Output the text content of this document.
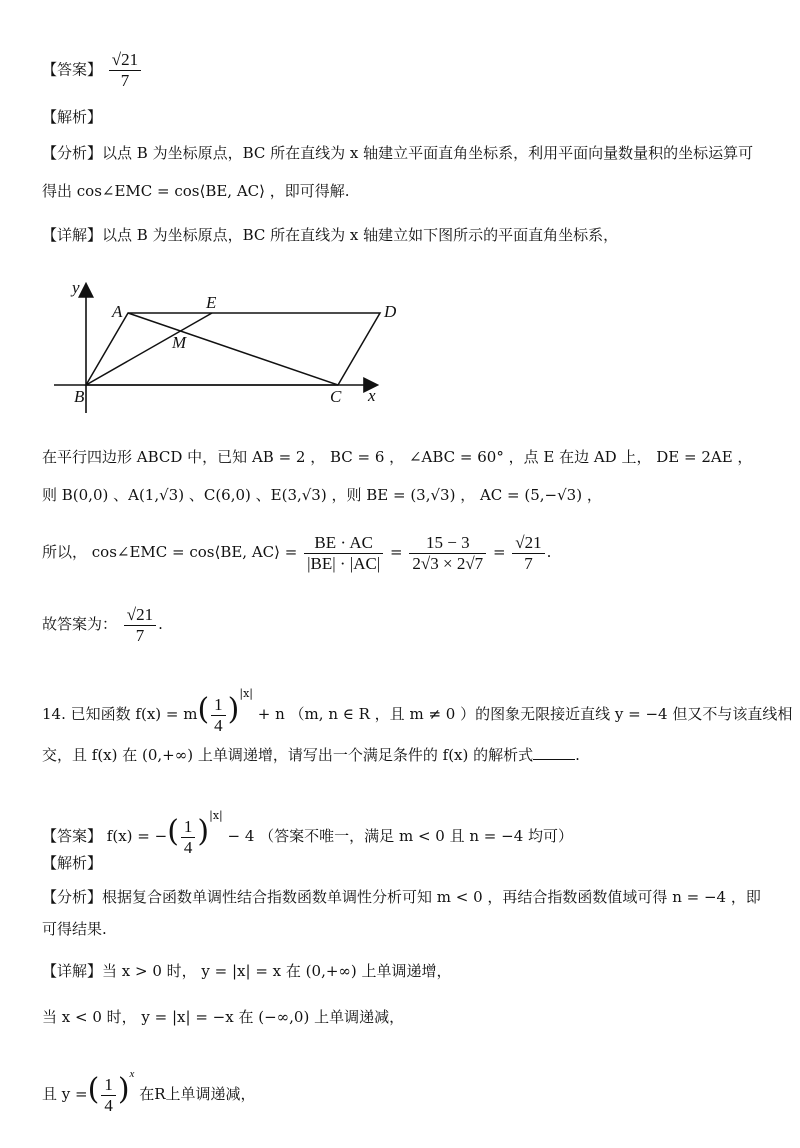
【答案】 $\frac{√21}{7}$
【解析】
【分析】以点 B 为坐标原点，BC 所在直线为 x 轴建立平面直角坐标系，利用平面向量数量积的坐标运算可
得出 cos∠EMC = cos⟨BE, AC⟩ ，即可得解.
【详解】以点 B 为坐标原点，BC 所在直线为 x 轴建立如下图所示的平面直角坐标系，
y
x
A	E	D
M
B	C
在平行四边形 ABCD 中，已知 AB = 2 ， BC = 6 ， ∠ABC = 60° ，点 E 在边 AD 上， DE = 2AE ，
则 B(0,0) 、A(1,√3) 、C(6,0) 、E(3,√3) ，则 BE = (3,√3) ， AC = (5,−√3) ，
所以， cos∠EMC = cos⟨BE, AC⟩ = $\frac{BE \cdot AC}{|BE| \cdot |AC|} = \frac{15 - 3}{2√3 \times 2√7} = \frac{√21}{7}$ .
故答案为： $\frac{√21}{7}$ .
14. 已知函数 $f(x) = m( \frac{1}{4} )^{|x|} + n$ （m, n ∈ R ，且 m ≠ 0 ）的图象无限接近直线 y = −4 但又不与该直线相
交，且 f(x) 在 (0,+∞) 上单调递增，请写出一个满足条件的 f(x) 的解析式	.
【答案】 f(x) = −( $\frac{1}{4} )^{|x|} - 4$ （答案不唯一，满足 m < 0 且 n = −4 均可）
【解析】
【分析】根据复合函数单调性结合指数函数单调性分析可知 m < 0 ，再结合指数函数值域可得 n = −4 ，即
可得结果.
【详解】当 x > 0 时， y = |x| = x 在 (0,+∞) 上单调递增，
当 x < 0 时， y = |x| = −x 在 (−∞,0) 上单调递减，
且 y =( $\frac{1}{4} )^x$ 在R上单调递减，
